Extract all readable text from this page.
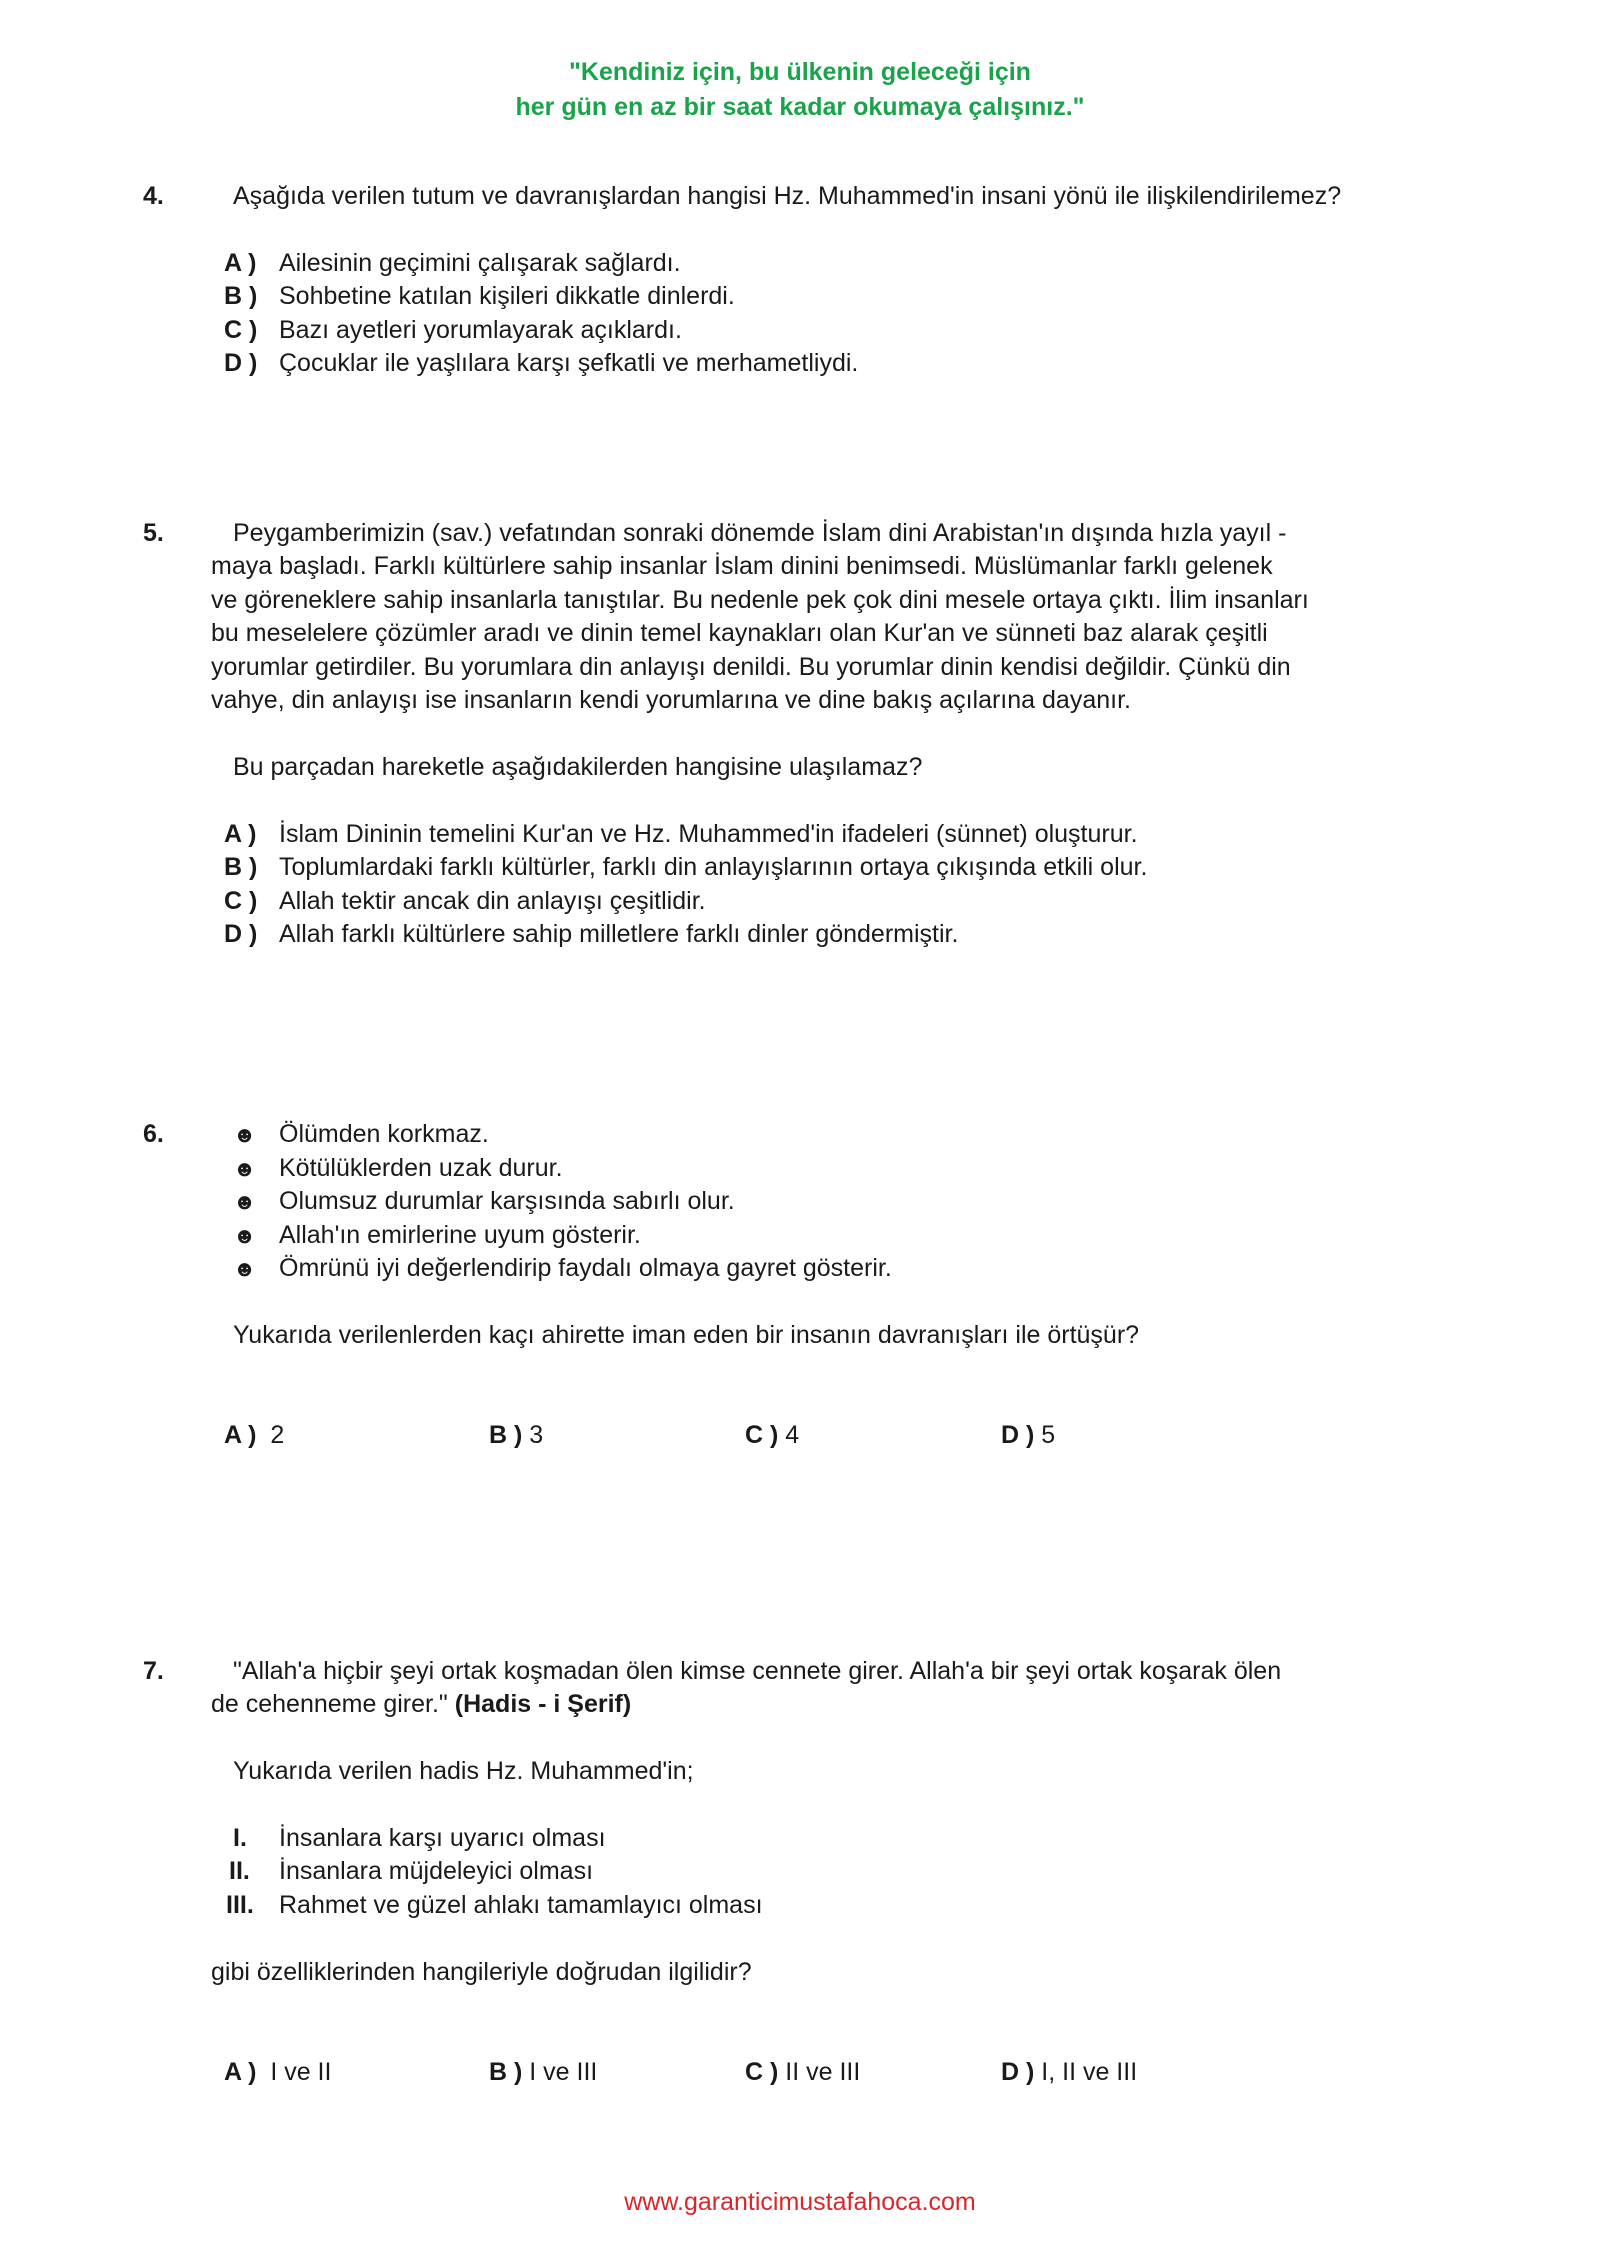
"Kendiniz için, bu ülkenin geleceği için
her gün en az bir saat kadar okumaya çalışınız."
4.	Aşağıda verilen tutum ve davranışlardan hangisi Hz. Muhammed'in insani yönü ile ilişkilendirilemez?
A ) Ailesinin geçimini çalışarak sağlardı.
B ) Sohbetine katılan kişileri dikkatle dinlerdi.
C ) Bazı ayetleri yorumlayarak açıklardı.
D ) Çocuklar ile yaşlılara karşı şefkatli ve merhametliydi.
5.	Peygamberimizin (sav.) vefatından sonraki dönemde İslam dini Arabistan'ın dışında hızla yayıl -
maya başladı. Farklı kültürlere sahip insanlar İslam dinini benimsedi. Müslümanlar farklı gelenek
ve göreneklere sahip insanlarla tanıştılar. Bu nedenle pek çok dini mesele ortaya çıktı. İlim insanları
bu meselelere çözümler aradı ve dinin temel kaynakları olan Kur'an ve sünneti baz alarak çeşitli
yorumlar getirdiler. Bu yorumlara din anlayışı denildi. Bu yorumlar dinin kendisi değildir. Çünkü din
vahye, din anlayışı ise insanların kendi yorumlarına ve dine bakış açılarına dayanır.
Bu parçadan hareketle aşağıdakilerden hangisine ulaşılamaz?
A ) İslam Dininin temelini Kur'an ve Hz. Muhammed'in ifadeleri (sünnet) oluşturur.
B ) Toplumlardaki farklı kültürler, farklı din anlayışlarının ortaya çıkışında etkili olur.
C ) Allah tektir ancak din anlayışı çeşitlidir.
D ) Allah farklı kültürlere sahip milletlere farklı dinler göndermiştir.
6.	☻ Ölümden korkmaz.
☻ Kötülüklerden uzak durur.
☻ Olumsuz durumlar karşısında sabırlı olur.
☻ Allah'ın emirlerine uyum gösterir.
☻ Ömrünü iyi değerlendirip faydalı olmaya gayret gösterir.
Yukarıda verilenlerden kaçı ahirette iman eden bir insanın davranışları ile örtüşür?
A ) 2	B ) 3	C ) 4	D ) 5
7.	"Allah'a hiçbir şeyi ortak koşmadan ölen kimse cennete girer. Allah'a bir şeyi ortak koşarak ölen
de cehenneme girer." (Hadis - i Şerif)
Yukarıda verilen hadis Hz. Muhammed'in;
I. İnsanlara karşı uyarıcı olması
II. İnsanlara müjdeleyici olması
III. Rahmet ve güzel ahlakı tamamlayıcı olması
gibi özelliklerinden hangileriyle doğrudan ilgilidir?
A ) I ve II	B ) I ve III	C ) II ve III	D ) I, II ve III
www.garanticimustafahoca.com
